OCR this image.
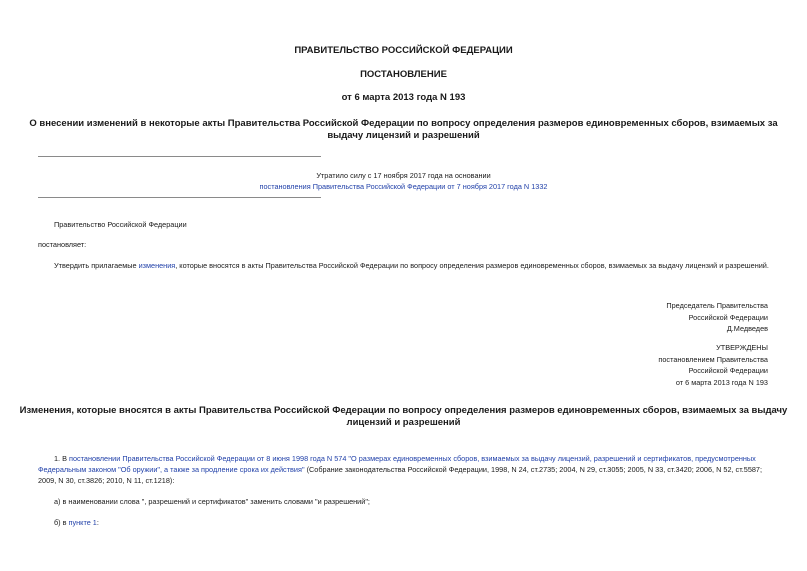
ПРАВИТЕЛЬСТВО РОССИЙСКОЙ ФЕДЕРАЦИИ
ПОСТАНОВЛЕНИЕ
от 6 марта 2013 года N 193
О внесении изменений в некоторые акты Правительства Российской Федерации по вопросу определения размеров единовременных сборов, взимаемых за
выдачу лицензий и разрешений
Утратило силу с 17 ноября 2017 года на основании
постановления Правительства Российской Федерации от 7 ноября 2017 года N 1332
Правительство Российской Федерации
постановляет:
Утвердить прилагаемые изменения, которые вносятся в акты Правительства Российской Федерации по вопросу определения размеров единовременных сборов, взимаемых за выдачу лицензий и разрешений.
Председатель Правительства
Российской Федерации
Д.Медведев
УТВЕРЖДЕНЫ
постановлением Правительства
Российской Федерации
от 6 марта 2013 года N 193
Изменения, которые вносятся в акты Правительства Российской Федерации по вопросу определения размеров единовременных сборов, взимаемых за выдачу
лицензий и разрешений
1. В постановлении Правительства Российской Федерации от 8 июня 1998 года N 574 "О размерах единовременных сборов, взимаемых за выдачу лицензий, разрешений и сертификатов, предусмотренных Федеральным законом "Об оружии", а также за продление срока их действия" (Собрание законодательства Российской Федерации, 1998, N 24, ст.2735; 2004, N 29, ст.3055; 2005, N 33, ст.3420; 2006, N 52, ст.5587; 2009, N 30, ст.3826; 2010, N 11, ст.1218):
а) в наименовании слова ", разрешений и сертификатов" заменить словами "и разрешений";
б) в пункте 1:
